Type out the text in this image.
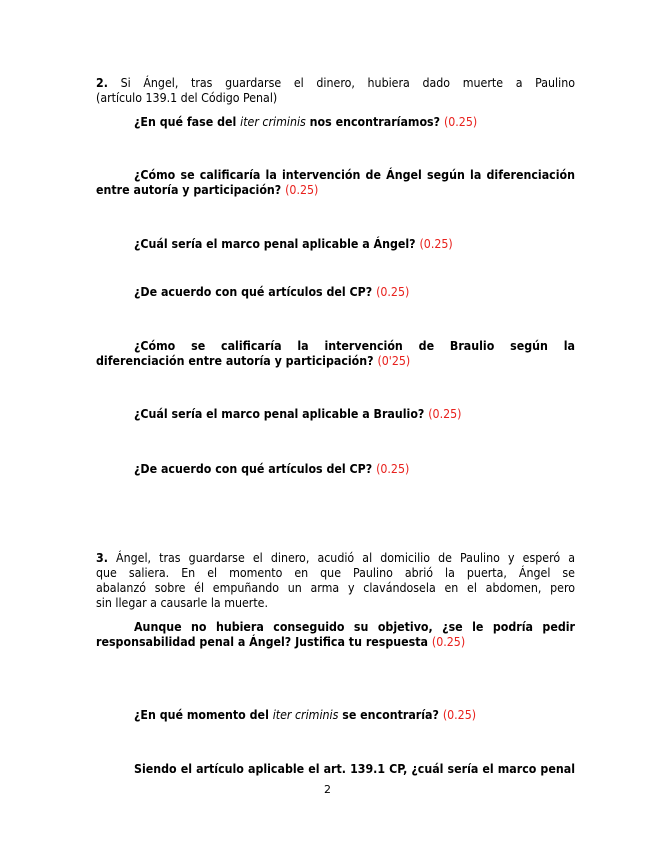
2. Si Ángel, tras guardarse el dinero, hubiera dado muerte a Paulino
(artículo 139.1 del Código Penal)
¿En qué fase del iter criminis nos encontraríamos? (0.25)
¿Cómo se calificaría la intervención de Ángel según la diferenciación
entre autoría y participación? (0.25)
¿Cuál sería el marco penal aplicable a Ángel? (0.25)
¿De acuerdo con qué artículos del CP? (0.25)
¿Cómo se calificaría la intervención de Braulio según la
diferenciación entre autoría y participación? (0'25)
¿Cuál sería el marco penal aplicable a Braulio? (0.25)
¿De acuerdo con qué artículos del CP? (0.25)
3. Ángel, tras guardarse el dinero, acudió al domicilio de Paulino y esperó a
que saliera. En el momento en que Paulino abrió la puerta, Ángel se
abalanzó sobre él empuñando un arma y clavándosela en el abdomen, pero
sin llegar a causarle la muerte.
Aunque no hubiera conseguido su objetivo, ¿se le podría pedir
responsabilidad penal a Ángel? Justifica tu respuesta (0.25)
¿En qué momento del iter criminis se encontraría? (0.25)
Siendo el artículo aplicable el art. 139.1 CP, ¿cuál sería el marco penal
2
